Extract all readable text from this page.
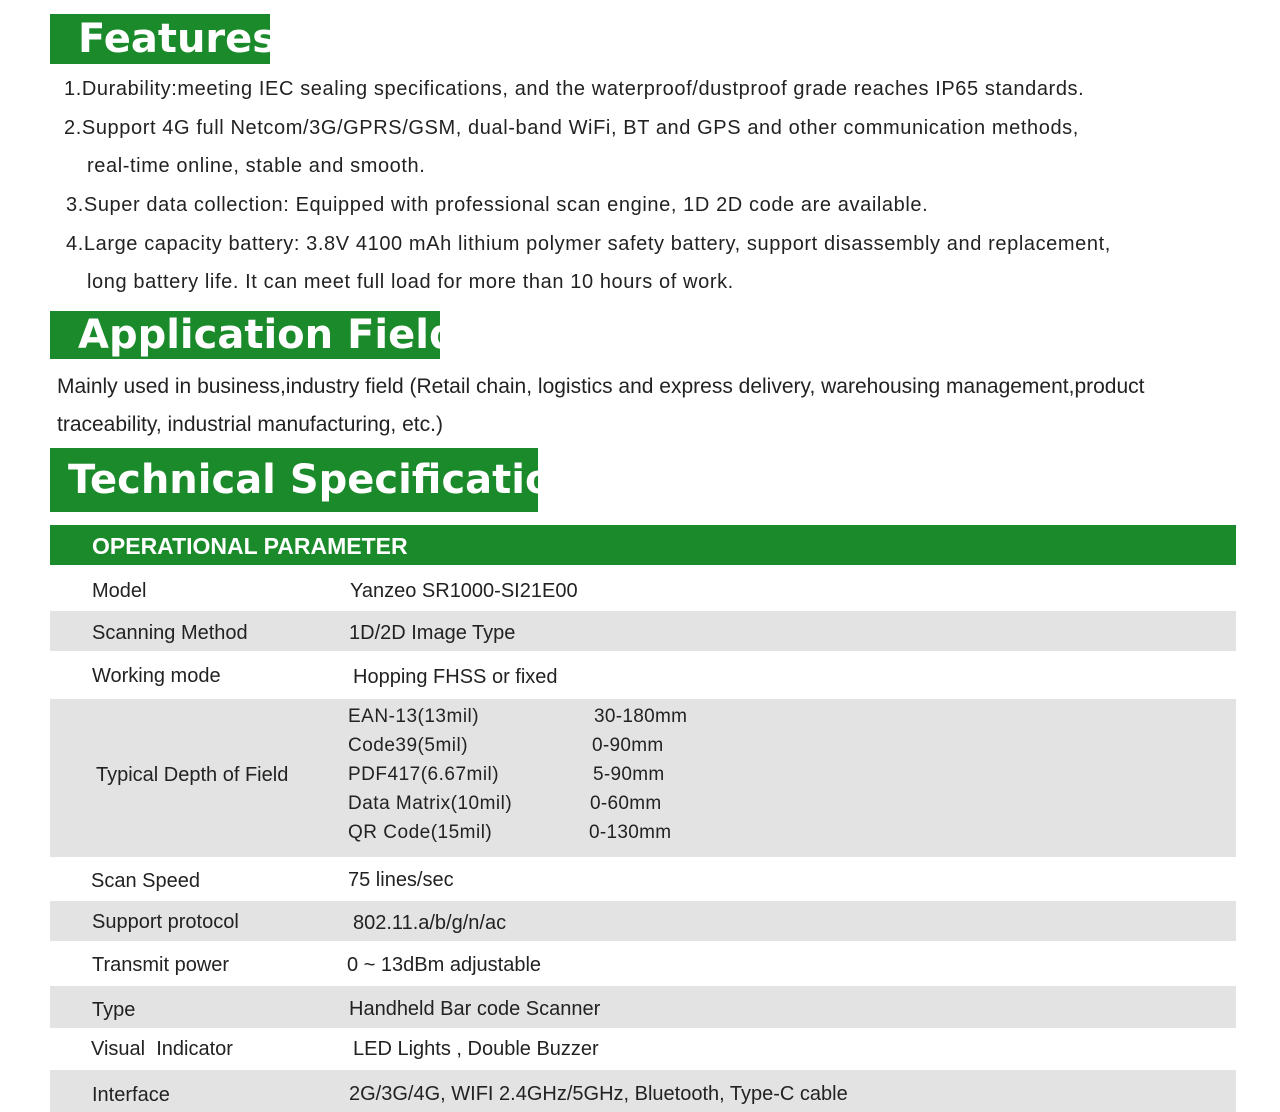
Features
1.Durability:meeting IEC sealing specifications, and the waterproof/dustproof grade reaches IP65 standards.
2.Support 4G full Netcom/3G/GPRS/GSM, dual-band WiFi, BT and GPS and other communication methods,
real-time online, stable and smooth.
3.Super data collection: Equipped with professional scan engine, 1D 2D code are available.
4.Large capacity battery: 3.8V 4100 mAh lithium polymer safety battery, support disassembly and replacement,
long battery life. It can meet full load for more than 10 hours of work.
Application Field
Mainly used in business,industry field (Retail chain, logistics and express delivery, warehousing management,product
traceability, industrial manufacturing, etc.)
Technical Specification
OPERATIONAL PARAMETER
Model	Yanzeo SR1000-SI21E00
Scanning Method	1D/2D Image Type
Working mode	Hopping FHSS or fixed
Typical Depth of Field
EAN-13(13mil)	30-180mm
Code39(5mil)	0-90mm
PDF417(6.67mil)	5-90mm
Data Matrix(10mil)	0-60mm
QR Code(15mil)	0-130mm
Scan Speed	75 lines/sec
Support protocol	802.11.a/b/g/n/ac
Transmit power	0 ~ 13dBm adjustable
Type	Handheld Bar code Scanner
Visual  Indicator	LED Lights , Double Buzzer
Interface	2G/3G/4G, WIFI 2.4GHz/5GHz, Bluetooth, Type-C cable
